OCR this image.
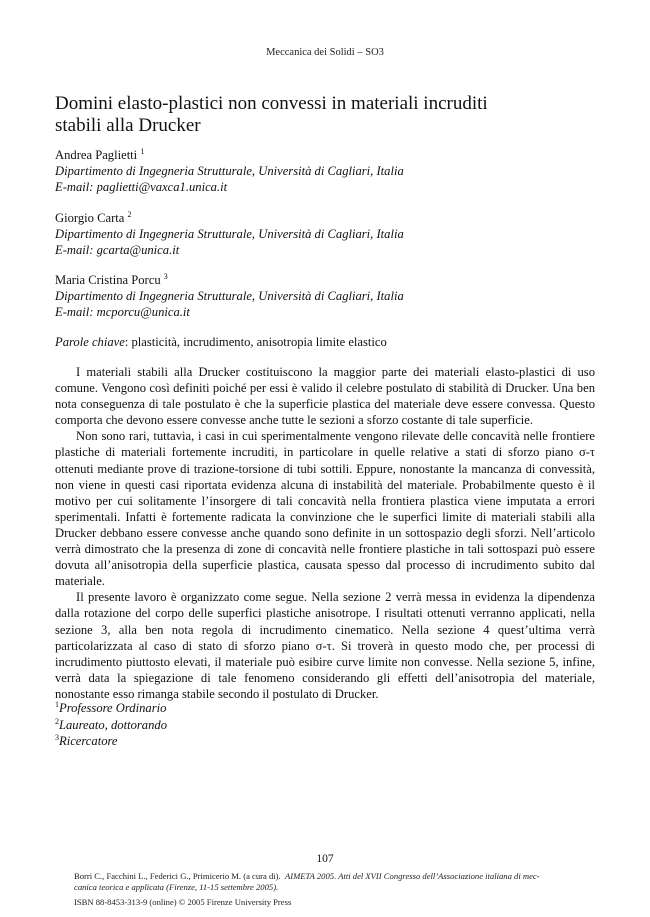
Meccanica dei Solidi – SO3
Domini elasto-plastici non convessi in materiali incruditi
stabili alla Drucker
Andrea Paglietti $^1$
Dipartimento di Ingegneria Strutturale, Università di Cagliari, Italia
E-mail: paglietti@vaxca1.unica.it
Giorgio Carta $^2$
Dipartimento di Ingegneria Strutturale, Università di Cagliari, Italia
E-mail: gcarta@unica.it
Maria Cristina Porcu $^3$
Dipartimento di Ingegneria Strutturale, Università di Cagliari, Italia
E-mail: mcporcu@unica.it
Parole chiave: plasticità, incrudimento, anisotropia limite elastico

I materiali stabili alla Drucker costituiscono la maggior parte dei materiali elasto-plastici di uso comune. Vengono così definiti poiché per essi è valido il celebre postulato di stabilità di Drucker. Una ben nota conseguenza di tale postulato è che la superficie plastica del materiale deve essere convessa. Questo comporta che devono essere convesse anche tutte le sezioni a sforzo costante di tale superficie.

Non sono rari, tuttavia, i casi in cui sperimentalmente vengono rilevate delle concavità nelle frontiere plastiche di materiali fortemente incruditi, in particolare in quelle relative a stati di sforzo piano σ-τ ottenuti mediante prove di trazione-torsione di tubi sottili. Eppure, nonostante la mancanza di convessità, non viene in questi casi riportata evidenza alcuna di instabilità del materiale. Probabilmente questo è il motivo per cui solitamente l’insorgere di tali concavità nella frontiera plastica viene imputata a errori sperimentali. Infatti è fortemente radicata la convinzione che le superfici limite di materiali stabili alla Drucker debbano essere convesse anche quando sono definite in un sottospazio degli sforzi. Nell’articolo verrà dimostrato che la presenza di zone di concavità nelle frontiere plastiche in tali sottospazi può essere dovuta all’anisotropia della superficie plastica, causata spesso dal processo di incrudimento subito dal materiale.

Il presente lavoro è organizzato come segue. Nella sezione 2 verrà messa in evidenza la dipendenza dalla rotazione del corpo delle superfici plastiche anisotrope. I risultati ottenuti verranno applicati, nella sezione 3, alla ben nota regola di incrudimento cinematico. Nella sezione 4 quest’ultima verrà particolarizzata al caso di stato di sforzo piano σ-τ. Si troverà in questo modo che, per processi di incrudimento piuttosto elevati, il materiale può esibire curve limite non convesse. Nella sezione 5, infine, verrà data la spiegazione di tale fenomeno considerando gli effetti dell’anisotropia del materiale, nonostante esso rimanga stabile secondo il postulato di Drucker.

$^1$Professore Ordinario
$^2$Laureato, dottorando
$^3$Ricercatore
107
Borri C., Facchini L., Federici G., Primicerio M. (a cura di). AIMETA 2005. Atti del XVII Congresso dell’Associazione italiana di mec-
canica teorica e applicata (Firenze, 11-15 settembre 2005).
ISBN 88-8453-313-9 (online) © 2005 Firenze University Press
